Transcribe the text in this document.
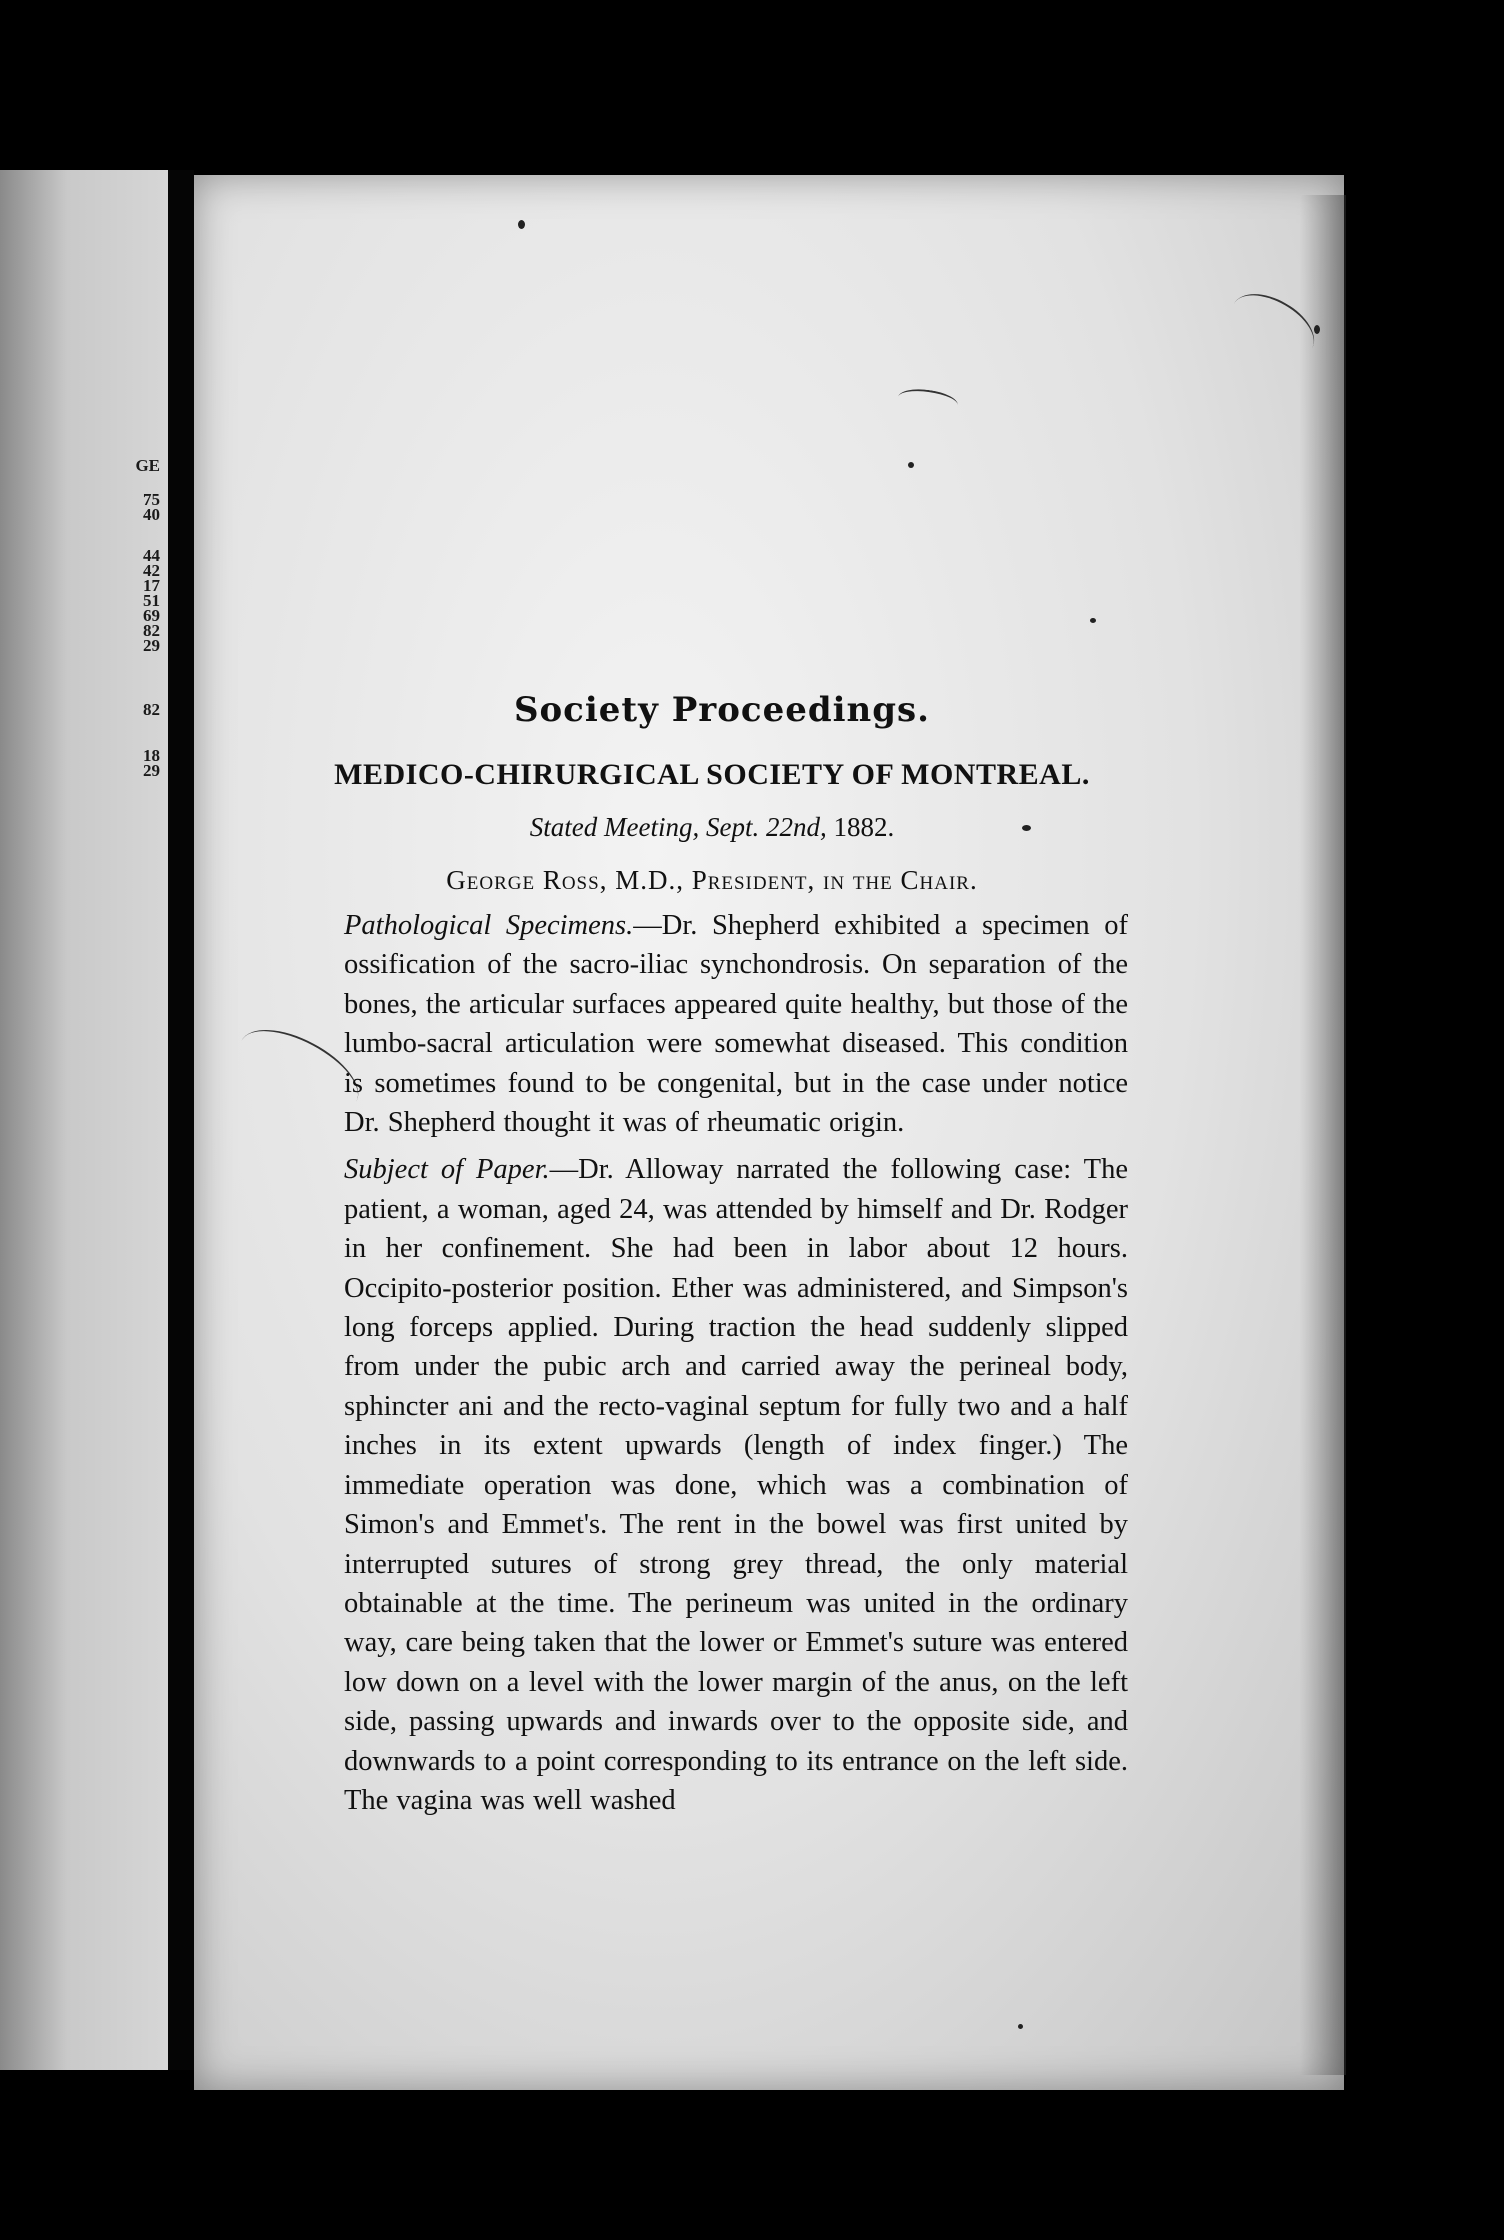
GE
75
40
44
42
17
51
69
82
29
82
18
29
Society Proceedings.
MEDICO-CHIRURGICAL SOCIETY OF MONTREAL.
Stated Meeting, Sept. 22nd, 1882.
George Ross, M.D., President, in the Chair.

Pathological Specimens.—Dr. Shepherd exhibited a specimen of ossification of the sacro-iliac synchondrosis. On separation of the bones, the articular surfaces appeared quite healthy, but those of the lumbo-sacral articulation were somewhat diseased. This condition is sometimes found to be congenital, but in the case under notice Dr. Shepherd thought it was of rheumatic origin.

Subject of Paper.—Dr. Alloway narrated the following case: The patient, a woman, aged 24, was attended by himself and Dr. Rodger in her confinement. She had been in labor about 12 hours. Occipito-posterior position. Ether was administered, and Simpson's long forceps applied. During traction the head suddenly slipped from under the pubic arch and carried away the perineal body, sphincter ani and the recto-vaginal septum for fully two and a half inches in its extent upwards (length of index finger.) The immediate operation was done, which was a combination of Simon's and Emmet's. The rent in the bowel was first united by interrupted sutures of strong grey thread, the only material obtainable at the time. The perineum was united in the ordinary way, care being taken that the lower or Emmet's suture was entered low down on a level with the lower margin of the anus, on the left side, passing upwards and inwards over to the opposite side, and downwards to a point corresponding to its entrance on the left side. The vagina was well washed
